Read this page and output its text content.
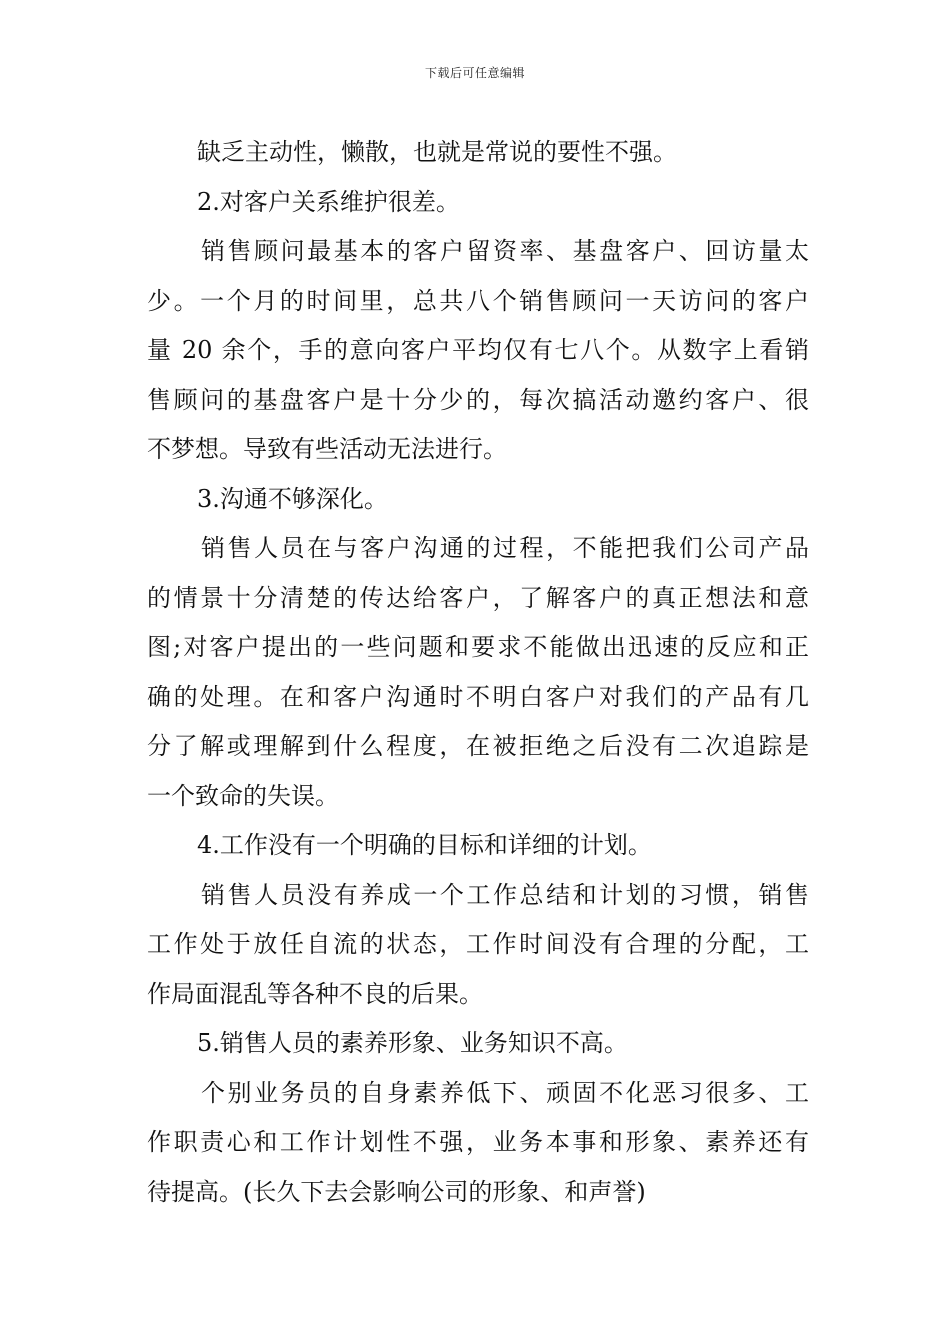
下载后可任意编辑
缺乏主动性，懒散，也就是常说的要性不强。
2.对客户关系维护很差。
销售顾问最基本的客户留资率、基盘客户、回访量太
少。一个月的时间里，总共八个销售顾问一天访问的客户
量 20 余个，手的意向客户平均仅有七八个。从数字上看销
售顾问的基盘客户是十分少的，每次搞活动邀约客户、很
不梦想。导致有些活动无法进行。
3.沟通不够深化。
销售人员在与客户沟通的过程，不能把我们公司产品
的情景十分清楚的传达给客户，了解客户的真正想法和意
图;对客户提出的一些问题和要求不能做出迅速的反应和正
确的处理。在和客户沟通时不明白客户对我们的产品有几
分了解或理解到什么程度，在被拒绝之后没有二次追踪是
一个致命的失误。
4.工作没有一个明确的目标和详细的计划。
销售人员没有养成一个工作总结和计划的习惯，销售
工作处于放任自流的状态，工作时间没有合理的分配，工
作局面混乱等各种不良的后果。
5.销售人员的素养形象、业务知识不高。
个别业务员的自身素养低下、顽固不化恶习很多、工
作职责心和工作计划性不强，业务本事和形象、素养还有
待提高。(长久下去会影响公司的形象、和声誉)
